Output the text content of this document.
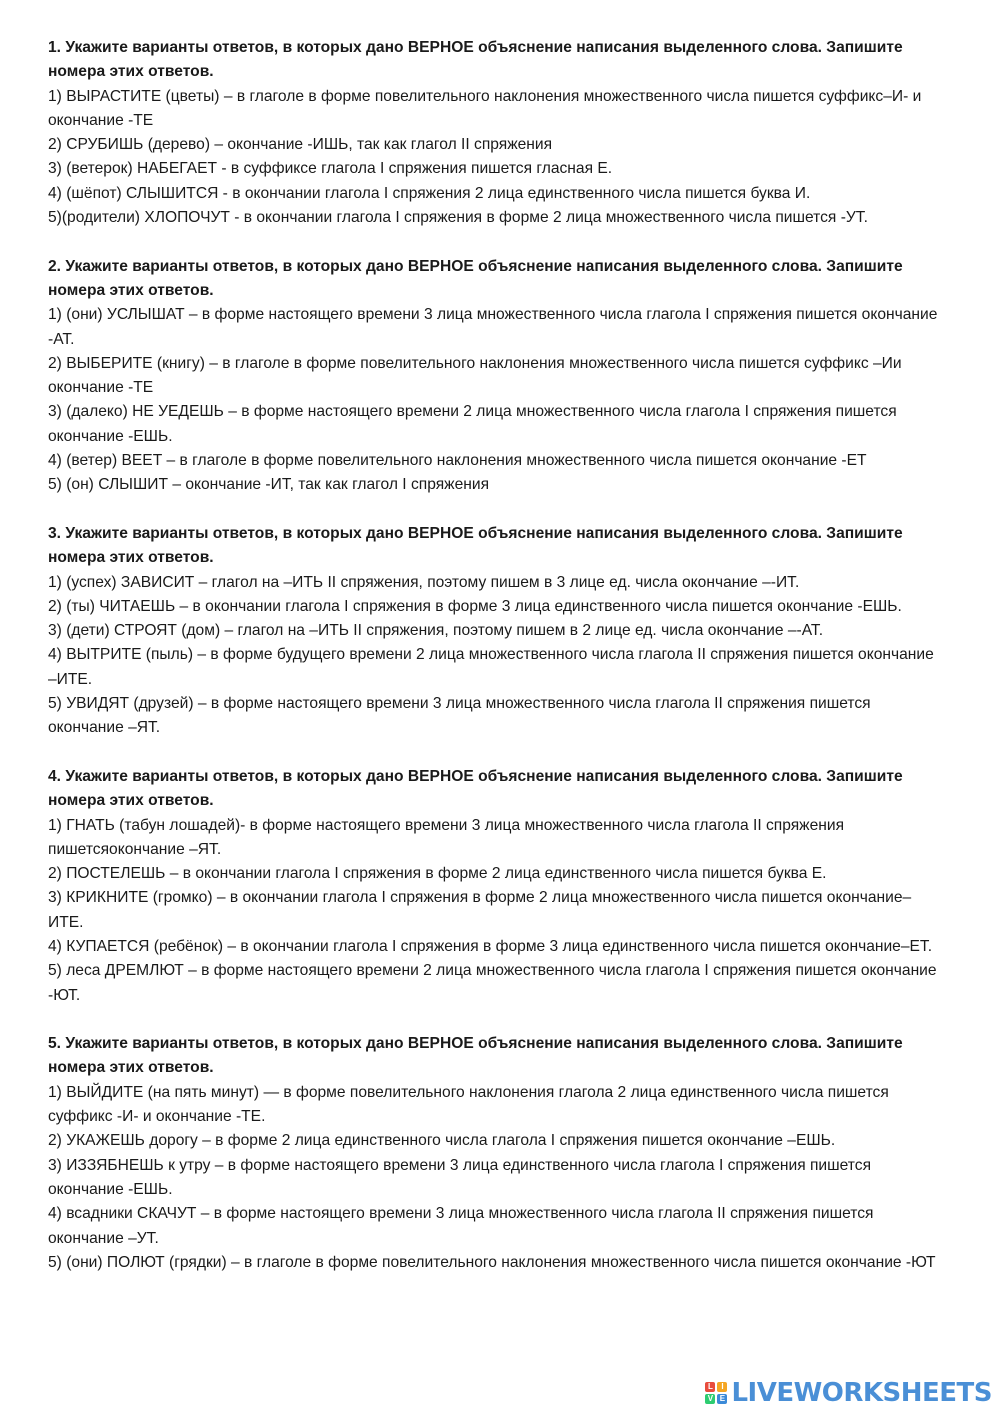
1. Укажите варианты ответов, в которых дано ВЕРНОЕ объяснение написания выделенного слова. Запишите номера этих ответов.
1) ВЫРАСТИТЕ (цветы) – в глаголе в форме повелительного наклонения множественного числа пишется суффикс–И- и окончание -ТЕ
2) СРУБИШЬ (дерево) – окончание -ИШЬ, так как глагол II спряжения
3) (ветерок) НАБЕГАЕТ - в суффиксе глагола I спряжения пишется гласная Е.
4) (шёпот) СЛЫШИТСЯ - в окончании глагола I спряжения 2 лица единственного числа пишется буква И.
5)(родители) ХЛОПОЧУТ - в окончании глагола I спряжения в форме 2 лица множественного числа пишется -УТ.
2. Укажите варианты ответов, в которых дано ВЕРНОЕ объяснение написания выделенного слова. Запишите номера этих ответов.
1) (они) УСЛЫШАТ – в форме настоящего времени 3 лица множественного числа глагола I спряжения пишется окончание -АТ.
2) ВЫБЕРИТЕ (книгу) – в глаголе в форме повелительного наклонения множественного числа пишется суффикс –Ии окончание -ТЕ
3) (далеко) НЕ УЕДЕШЬ – в форме настоящего времени 2 лица множественного числа глагола I спряжения пишется окончание -ЕШЬ.
4) (ветер) ВЕЕТ – в глаголе в форме повелительного наклонения множественного числа пишется окончание -ЕТ
5) (он) СЛЫШИТ – окончание -ИТ, так как глагол I спряжения
3. Укажите варианты ответов, в которых дано ВЕРНОЕ объяснение написания выделенного слова. Запишите номера этих ответов.
1) (успех) ЗАВИСИТ – глагол на –ИТЬ II спряжения, поэтому пишем в 3 лице ед. числа окончание –-ИТ.
2) (ты) ЧИТАЕШЬ – в окончании глагола I спряжения в форме 3 лица единственного числа пишется окончание -ЕШЬ.
3) (дети) СТРОЯТ (дом) – глагол на –ИТЬ II спряжения, поэтому пишем в 2 лице ед. числа окончание –-АТ.
4) ВЫТРИТЕ (пыль) – в форме будущего времени 2 лица множественного числа глагола II спряжения пишется окончание –ИТЕ.
5) УВИДЯТ (друзей) – в форме настоящего времени 3 лица множественного числа глагола II спряжения пишется окончание –ЯТ.
4. Укажите варианты ответов, в которых дано ВЕРНОЕ объяснение написания выделенного слова. Запишите номера этих ответов.
1) ГНАТЬ (табун лошадей)- в форме настоящего времени 3 лица множественного числа глагола II спряжения пишетсяокончание –ЯТ.
2) ПОСТЕЛЕШЬ – в окончании глагола I спряжения в форме 2 лица единственного числа пишется буква Е.
3) КРИКНИТЕ (громко) – в окончании глагола I спряжения в форме 2 лица множественного числа пишется окончание–ИТЕ.
4) КУПАЕТСЯ (ребёнок) – в окончании глагола I спряжения в форме 3 лица единственного числа пишется окончание–ЕТ.
5) леса ДРЕМЛЮТ – в форме настоящего времени 2 лица множественного числа глагола I спряжения пишется окончание -ЮТ.
5. Укажите варианты ответов, в которых дано ВЕРНОЕ объяснение написания выделенного слова. Запишите номера этих ответов.
1) ВЫЙДИТЕ (на пять минут) — в форме повелительного наклонения глагола 2 лица единственного числа пишется суффикс -И- и окончание -ТЕ.
2) УКАЖЕШЬ дорогу – в форме 2 лица единственного числа глагола I спряжения пишется окончание –ЕШЬ.
3) ИЗЗЯБНЕШЬ к утру – в форме настоящего времени 3 лица единственного числа глагола I спряжения пишется окончание -ЕШЬ.
4) всадники СКАЧУТ – в форме настоящего времени 3 лица множественного числа глагола II спряжения пишется окончание –УТ.
5) (они) ПОЛЮТ (грядки) – в глаголе в форме повелительного наклонения множественного числа пишется окончание -ЮТ
L	I
V E LIVEWORKSHEETS
